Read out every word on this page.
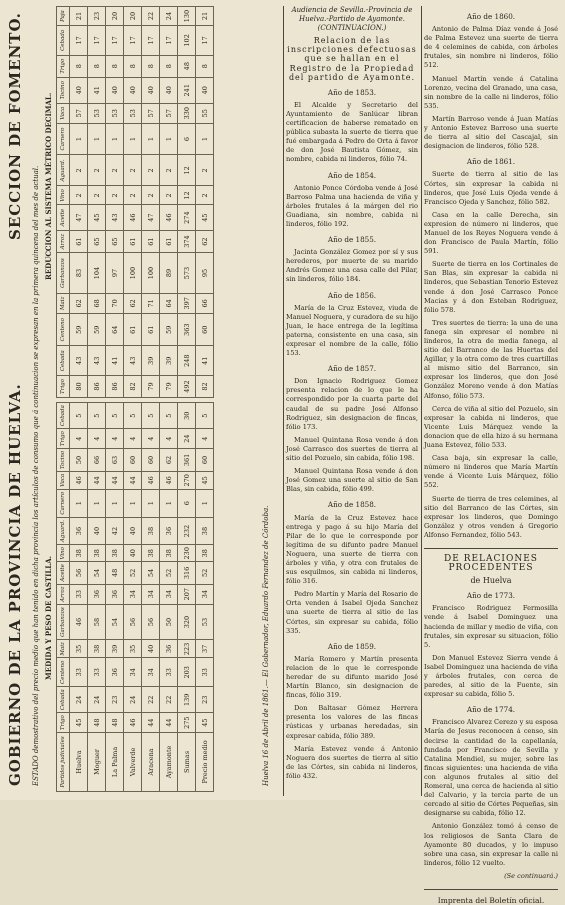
GOBIERNO DE LA PROVINCIA DE HUELVA.
SECCION DE FOMENTO.
ESTADO demostrativo del precio medio que han tenido en dicha provincia los artículos de consumo que á continuacion se expresan en la primera quincena del mes de actual. MEDIDA Y PESO DE CASTILLA.
REDUCCION AL SISTEMA MÉTRICO DECIMAL.
Partidos judiciales	Trigo	Cebada	Centeno	Maiz	Garbanzos	Arroz	Aceite	Vino	Aguard.	Carnero	Vaca	Tocino	Trigo	Cebada
Huelva	45	24	33	35	46	33	56	38	36	1	46	50	4	5
Moguer	48	24	33	38	58	36	54	38	40	1	44	66	4	5
La Palma	48	23	36	39	54	36	48	38	42	1	44	63	4	5
Valverde	46	24	34	35	56	34	52	40	40	1	44	60	4	5
Aracena	44	22	34	40	56	34	54	38	38	1	46	60	4	5
Ayamonte	44	22	33	36	50	34	52	38	36	1	46	62	4	5
Sumas	275	139	203	223	320	207	316	230	232	6	270	361	24	30
Precio medio	45	23	33	37	53	34	52	38	38	1	45	60	4	5
Trigo	Cebada	Centeno	Maiz	Garbanzos	Arroz	Aceite	Vino	Aguard.	Carnero	Vaca	Tocino	Trigo	Cebada	Paja
80	43	59	62	83	61	47	2	2	1	57	40	8	17	21
86	43	59	68	104	65	45	2	2	1	53	41	8	17	23
86	41	64	70	97	65	43	2	2	1	53	40	8	17	20
82	43	61	62	100	61	46	2	2	1	53	40	8	17	20
79	39	61	71	100	61	47	2	2	1	57	40	8	17	22
79	39	59	64	89	61	46	2	2	1	57	40	8	17	24
492	248	363	397	573	374	274	12	12	6	330	241	48	102	130
82	41	60	66	95	62	45	2	2	1	55	40	8	17	21
Huelva 16 de Abril de 1861.— El Gobernador, Eduardo Fernandez de Córdoba.
Audiencia de Sevilla.-Provincia de Huelva.-Partido de Ayamonte.
(CONTINUACION.)
Relacion de las inscripciones defectuosas que se hallan en el Registro de la Propiedad del partido de Ayamonte.
Año de 1853.

El Alcalde y Secretario del Ayuntamiento de Sanlúcar libran certificacion de haberse rematado en pública subasta la suerte de tierra que fué embargada á Pedro de Orta á favor de don José Bautista Gómez, sin nombre, cabida ni linderos, fólio 74.

Año de 1854.

Antonio Ponce Córdoba vende á José Barroso Palma una hacienda de viña y árboles frutales á la márgen del rio Guadiana, sin nombre, cabida ni linderos, fólio 192.

Año de 1855.

Jacinta González Gomez por sí y sus herederos, por muerte de su marido Andrés Gomez una casa calle del Pilar, sin linderos, fólio 184.

Año de 1856.

María de la Cruz Estevez, viuda de Manuel Noguera, y curadora de su hijo Juan, le hace entrega de la legítima paterna, consistente en una casa, sin expresar el nombre de la calle, fólio 153.

Año de 1857.

Don Ignacio Rodriguez Gomez presenta relacion de lo que le ha correspondido por la cuarta parte del caudal de su padre José Alfonso Rodriguez, sin designacion de fincas, fólio 173.

Manuel Quintana Rosa vende á don José Carrasco dos suertes de tierra al sitio del Pozuelo, sin cabida, fólio 198.

Manuel Quintana Rosa vende á don José Gomez una suerte al sitio de San Blas, sin cabida, fólio 499.

Año de 1858.

María de la Cruz Estevez hace entrega y pago á su hijo María del Pilar de lo que le corresponde por legítima de su difunto padre Manuel Noguera, una suerte de tierra con árboles y viña, y otra con frutales de sus esquilmos, sin cabida ni linderos, fólio 316.

Pedro Martín y María del Rosario de Orta venden á Isabel Ojeda Sanchez una suerte de tierra al sitio de las Córtes, sin expresar su cabida, fólio 335.

Año de 1859.

María Romero y Martín presenta relacion de lo que le corresponde heredar de su difunto marido José Martín Blanco, sin designacion de fincas, fólio 319.

Don Baltasar Gómez Herrera presenta los valores de las fincas rústicas y urbanas heredadas, sin expresar cabida, fólio 389.

María Estevez vende á Antonio Noguera dos suertes de tierra al sitio de las Córtes, sin cabida ni linderos, fólio 432.

Año de 1860.

Antonio de Palma Díaz vende á José de Palma Estevez una suerte de tierra de 4 celemines de cabida, con árboles frutales, sin nombre ni linderos, fólio 512.

Manuel Martín vende á Catalina Lorenzo, vecina del Granado, una casa, sin nombre de la calle ni linderos, fólio 535.

Martín Barroso vende á Juan Matías y Antonio Estevez Barroso una suerte de tierra al sitio del Cascajal, sin designacion de linderos, fólio 528.

Año de 1861.

Suerte de tierra al sitio de las Córtes, sin expresar la cabida ni linderos, que José Luis Ojeda vende á Francisco Ojeda y Sanchez, fólio 582.

Casa en la calle Derecha, sin expresion de número ni linderos, que Manuel de los Reyes Noguera vende á don Francisco de Paula Martín, fólio 591.

Suerte de tierra en los Cortinales de San Blas, sin expresar la cabida ni linderos, que Sebastian Tenorio Estevez vende á don José Carrasco Ponce Macias y á don Esteban Rodriguez, fólio 578.

Tres suertes de tierra: la una de una fanega sin expresar el nombre ni linderos, la otra de media fanega, al sitio del Barranco de las Huertas del Agillar, y la otra como de tres cuartillas al mismo sitio del Barranco, sin expresar los linderos, que don José González Moreno vende á don Matías Alfonso, fólio 573.

Cerca de viña al sitio del Pozuelo, sin expresar la cabida ni linderos, que Vicente Luis Márquez vende la donacion que de ella hizo á su hermana Juana Estevez, fólio 533.

Casa baja, sin expresar la calle, número ni linderos que María Martín vende á Vicente Luis Márquez, fólio 552.

Suerte de tierra de tres celemines, al sitio del Barranco de las Córtes, sin expresar los linderos, que Domingo González y otros venden á Gregorio Alfonso Fernandez, fólio 543.

DE RELACIONES PROCEDENTES
de Huelva
Año de 1773.

Francisco Rodriguez Fermosilla vende á Isabel Dominguez una hacienda de millar y medio de viña, con frutales, sin expresar su situacion, fólio 5.

Don Manuel Estevez Sierra vende á Isabel Dominguez una hacienda de viña y árboles frutales, con cerca de paredes, al sitio de la Fuente, sin expresar su cabida, fólio 5.

Año de 1774.

Francisco Alvarez Cerezo y su esposa María de Jesus reconocen á censo, sin decirse la cantidad de la capellanía, fundada por Francisco de Sevilla y Catalina Mendiel, su mujer, sobre las fincas siguientes: una hacienda de viña con algunos frutales al sitio del Romeral, una cerca de hacienda al sitio del Calvario, y la tercia parte de un cercado al sitio de Córtes Pequeñas, sin designarse su cabida, fólio 12.

Antonio González tomó á censo de los religiosos de Santa Clara de Ayamonte 80 ducados, y lo impuso sobre una casa, sin expresar la calle ni linderos, fólio 12 vuelto.

(Se continuará.)
Imprenta del Boletín oficial.
